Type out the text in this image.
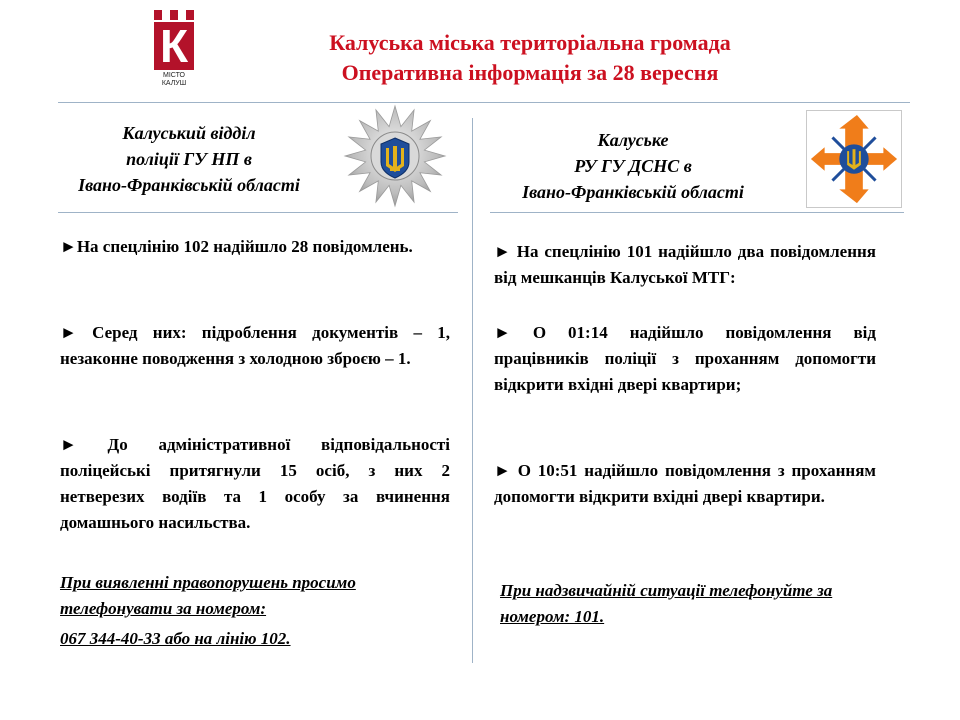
К
МІСТО
КАЛУШ
Калуська міська територіальна громада
Оперативна інформація за 28 вересня
Калуський відділ
поліції ГУ НП в
Івано-Франківській області
►На спецлінію 102 надійшло 28 повідомлень.
► Серед них: підроблення документів – 1, незаконне поводження з холодною зброєю – 1.
► До адміністративної відповідальності поліцейські притягнули 15 осіб, з них 2 нетверезих водіїв та 1 особу за вчинення домашнього насильства.
При виявленні правопорушень просимо телефонувати за номером:
067 344-40-33 або на лінію 102.
Калуське
РУ ГУ ДСНС в
Івано-Франківській області
► На спецлінію 101 надійшло два повідомлення від мешканців Калуської МТГ:
► О 01:14 надійшло повідомлення від працівників поліції з проханням допомогти відкрити вхідні двері квартири;
► О 10:51 надійшло повідомлення з проханням допомогти відкрити вхідні двері квартири.
При надзвичайній ситуації телефонуйте за номером: 101.
